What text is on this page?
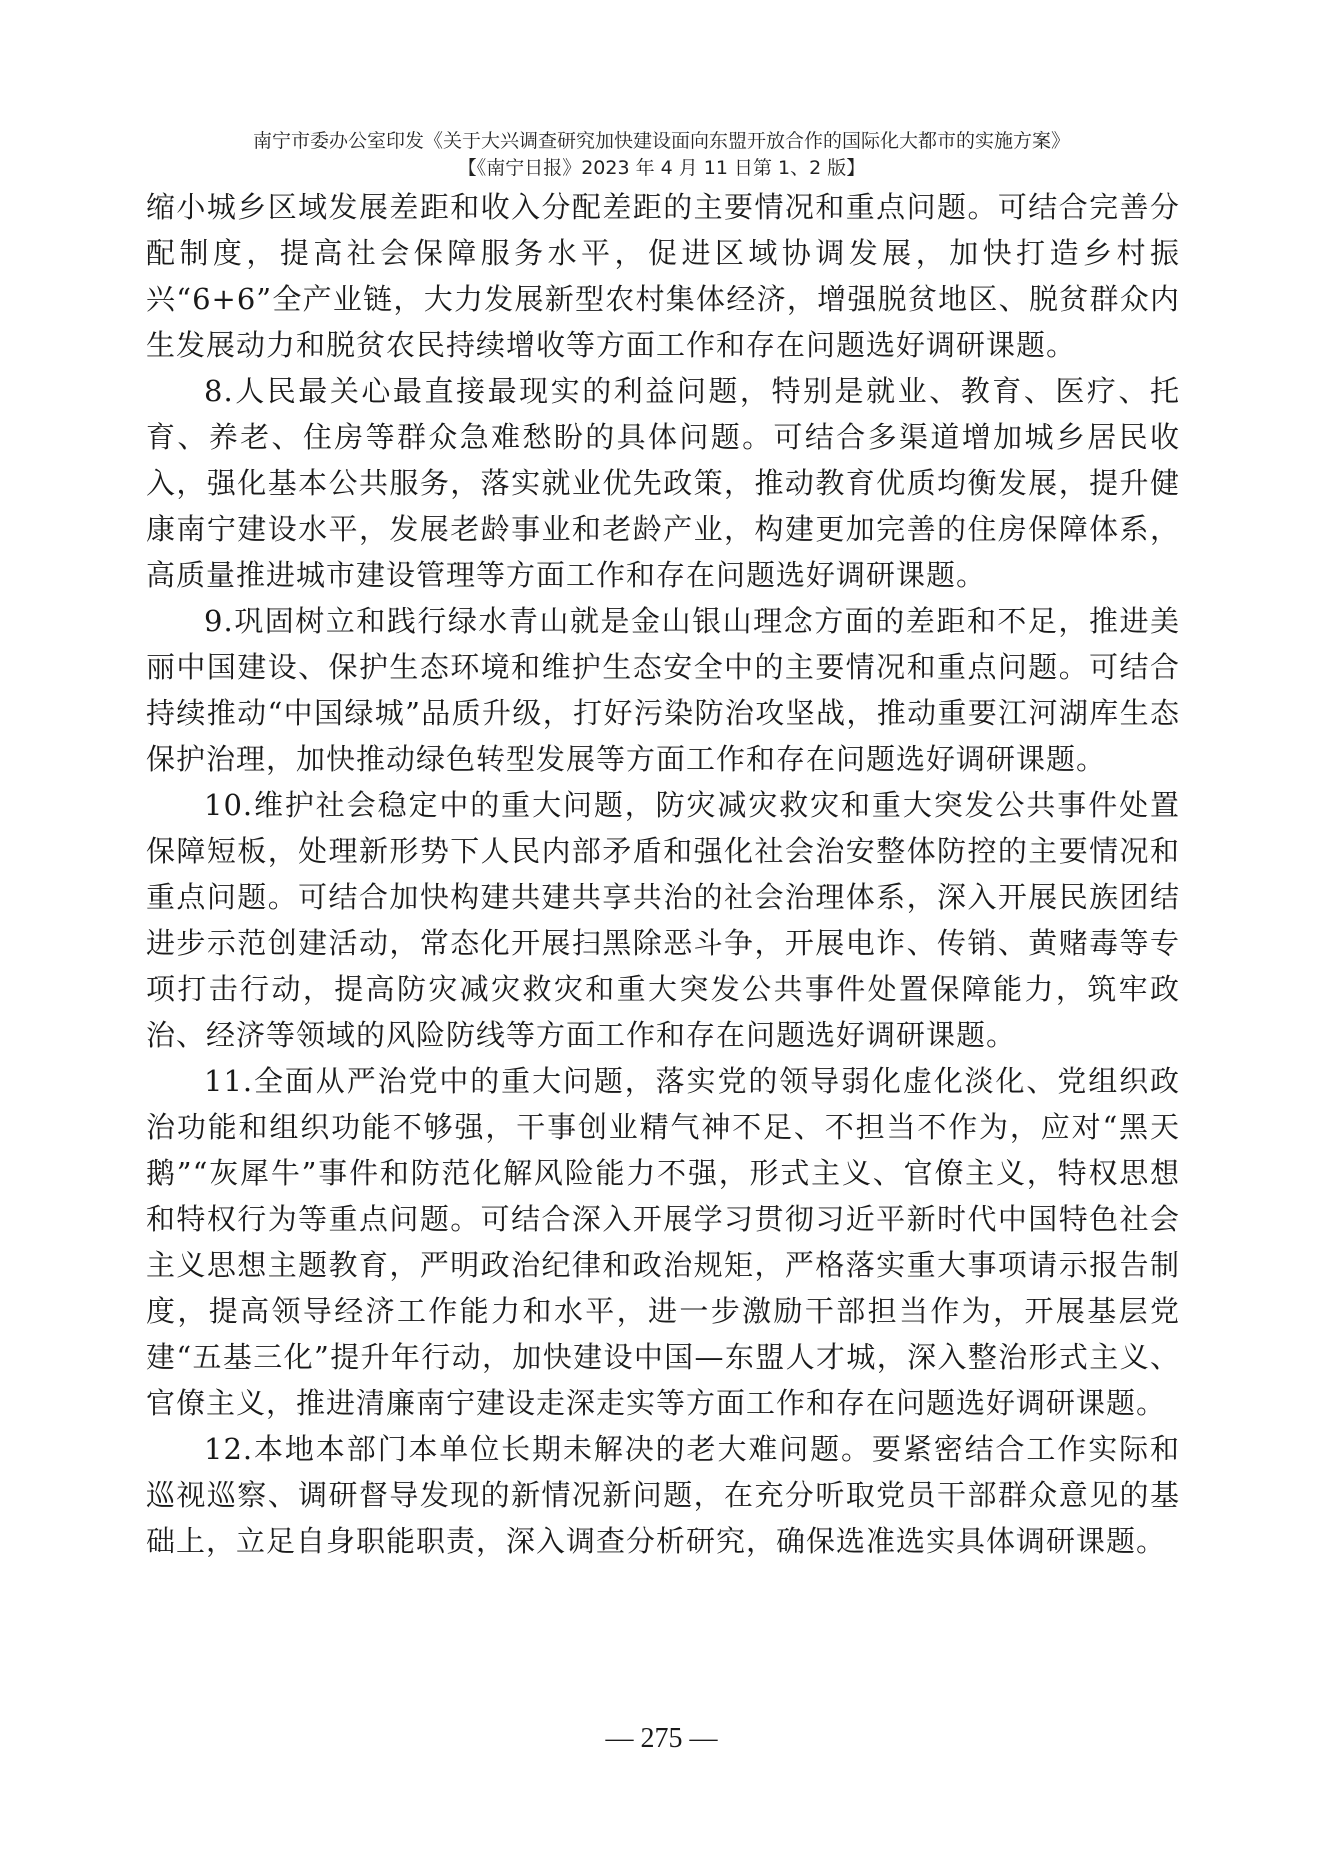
南宁市委办公室印发《关于大兴调查研究加快建设面向东盟开放合作的国际化大都市的实施方案》
【《南宁日报》2023 年 4 月 11 日第 1、2 版】

缩小城乡区域发展差距和收入分配差距的主要情况和重点问题。可结合完善分配制度，提高社会保障服务水平，促进区域协调发展，加快打造乡村振兴“6+6”全产业链，大力发展新型农村集体经济，增强脱贫地区、脱贫群众内生发展动力和脱贫农民持续增收等方面工作和存在问题选好调研课题。

8.人民最关心最直接最现实的利益问题，特别是就业、教育、医疗、托育、养老、住房等群众急难愁盼的具体问题。可结合多渠道增加城乡居民收入，强化基本公共服务，落实就业优先政策，推动教育优质均衡发展，提升健康南宁建设水平，发展老龄事业和老龄产业，构建更加完善的住房保障体系，高质量推进城市建设管理等方面工作和存在问题选好调研课题。

9.巩固树立和践行绿水青山就是金山银山理念方面的差距和不足，推进美丽中国建设、保护生态环境和维护生态安全中的主要情况和重点问题。可结合持续推动“中国绿城”品质升级，打好污染防治攻坚战，推动重要江河湖库生态保护治理，加快推动绿色转型发展等方面工作和存在问题选好调研课题。

10.维护社会稳定中的重大问题，防灾减灾救灾和重大突发公共事件处置保障短板，处理新形势下人民内部矛盾和强化社会治安整体防控的主要情况和重点问题。可结合加快构建共建共享共治的社会治理体系，深入开展民族团结进步示范创建活动，常态化开展扫黑除恶斗争，开展电诈、传销、黄赌毒等专项打击行动，提高防灾减灾救灾和重大突发公共事件处置保障能力，筑牢政治、经济等领域的风险防线等方面工作和存在问题选好调研课题。

11.全面从严治党中的重大问题，落实党的领导弱化虚化淡化、党组织政治功能和组织功能不够强，干事创业精气神不足、不担当不作为，应对“黑天鹅”“灰犀牛”事件和防范化解风险能力不强，形式主义、官僚主义，特权思想和特权行为等重点问题。可结合深入开展学习贯彻习近平新时代中国特色社会主义思想主题教育，严明政治纪律和政治规矩，严格落实重大事项请示报告制度，提高领导经济工作能力和水平，进一步激励干部担当作为，开展基层党建“五基三化”提升年行动，加快建设中国—东盟人才城，深入整治形式主义、官僚主义，推进清廉南宁建设走深走实等方面工作和存在问题选好调研课题。

12.本地本部门本单位长期未解决的老大难问题。要紧密结合工作实际和巡视巡察、调研督导发现的新情况新问题，在充分听取党员干部群众意见的基础上，立足自身职能职责，深入调查分析研究，确保选准选实具体调研课题。

— 275 —
